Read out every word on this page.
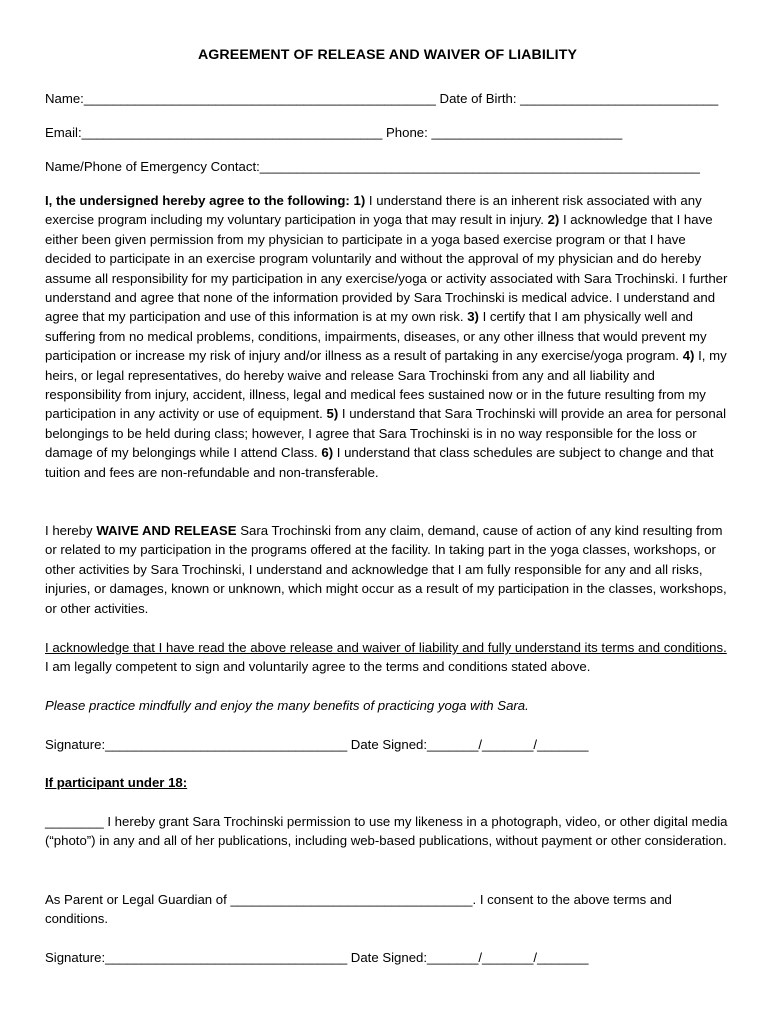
AGREEMENT OF RELEASE AND WAIVER OF LIABILITY
Name:________________________________________________ Date of Birth: ___________________________
Email:_________________________________________ Phone: __________________________
Name/Phone of Emergency Contact:____________________________________________________________
I, the undersigned hereby agree to the following: 1) I understand there is an inherent risk associated with any exercise program including my voluntary participation in yoga that may result in injury. 2) I acknowledge that I have either been given permission from my physician to participate in a yoga based exercise program or that I have decided to participate in an exercise program voluntarily and without the approval of my physician and do hereby assume all responsibility for my participation in any exercise/yoga or activity associated with Sara Trochinski. I further understand and agree that none of the information provided by Sara Trochinski is medical advice. I understand and agree that my participation and use of this information is at my own risk. 3) I certify that I am physically well and suffering from no medical problems, conditions, impairments, diseases, or any other illness that would prevent my participation or increase my risk of injury and/or illness as a result of partaking in any exercise/yoga program. 4) I, my heirs, or legal representatives, do hereby waive and release Sara Trochinski from any and all liability and responsibility from injury, accident, illness, legal and medical fees sustained now or in the future resulting from my participation in any activity or use of equipment. 5) I understand that Sara Trochinski will provide an area for personal belongings to be held during class; however, I agree that Sara Trochinski is in no way responsible for the loss or damage of my belongings while I attend Class. 6) I understand that class schedules are subject to change and that tuition and fees are non-refundable and non-transferable.
I hereby WAIVE AND RELEASE Sara Trochinski from any claim, demand, cause of action of any kind resulting from or related to my participation in the programs offered at the facility. In taking part in the yoga classes, workshops, or other activities by Sara Trochinski, I understand and acknowledge that I am fully responsible for any and all risks, injuries, or damages, known or unknown, which might occur as a result of my participation in the classes, workshops, or other activities.
I acknowledge that I have read the above release and waiver of liability and fully understand its terms and conditions. I am legally competent to sign and voluntarily agree to the terms and conditions stated above.
Please practice mindfully and enjoy the many benefits of practicing yoga with Sara.
Signature:_________________________________ Date Signed:_______/_______/_______
If participant under 18:
________ I hereby grant Sara Trochinski permission to use my likeness in a photograph, video, or other digital media (“photo”) in any and all of her publications, including web-based publications, without payment or other consideration.
As Parent or Legal Guardian of _________________________________. I consent to the above terms and conditions.
Signature:_________________________________ Date Signed:_______/_______/_______
